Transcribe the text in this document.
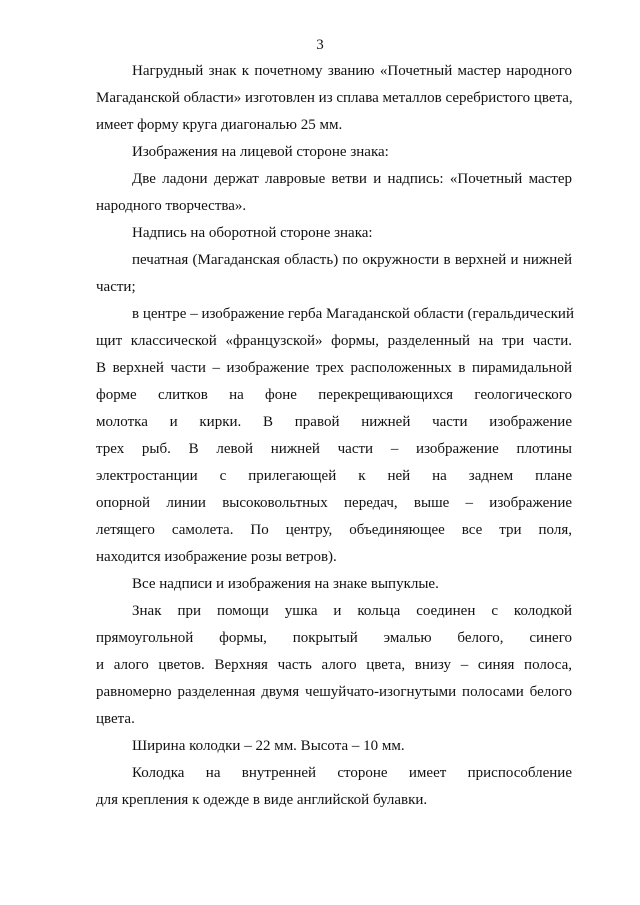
3
Нагрудный знак к почетному званию «Почетный мастер народного
Магаданской области» изготовлен из сплава металлов серебристого цвета,
имеет форму круга диагональю 25 мм.
Изображения на лицевой стороне знака:
Две ладони держат лавровые ветви и надпись: «Почетный мастер
народного творчества».
Надпись на оборотной стороне знака:
печатная (Магаданская область) по окружности в верхней и нижней
части;
в центре – изображение герба Магаданской области (геральдический
щит классической «французской» формы, разделенный на три части.
В верхней части – изображение трех расположенных в пирамидальной
форме слитков на фоне перекрещивающихся геологического
молотка и кирки. В правой нижней части изображение
трех рыб. В левой нижней части – изображение плотины
электростанции с прилегающей к ней на заднем плане
опорной линии высоковольтных передач, выше – изображение
летящего самолета. По центру, объединяющее все три поля,
находится изображение розы ветров).
Все надписи и изображения на знаке выпуклые.
Знак при помощи ушка и кольца соединен с колодкой
прямоугольной формы, покрытый эмалью белого, синего
и алого цветов. Верхняя часть алого цвета, внизу – синяя полоса,
равномерно разделенная двумя чешуйчато-изогнутыми полосами белого
цвета.
Ширина колодки – 22 мм. Высота – 10 мм.
Колодка на внутренней стороне имеет приспособление
для крепления к одежде в виде английской булавки.
